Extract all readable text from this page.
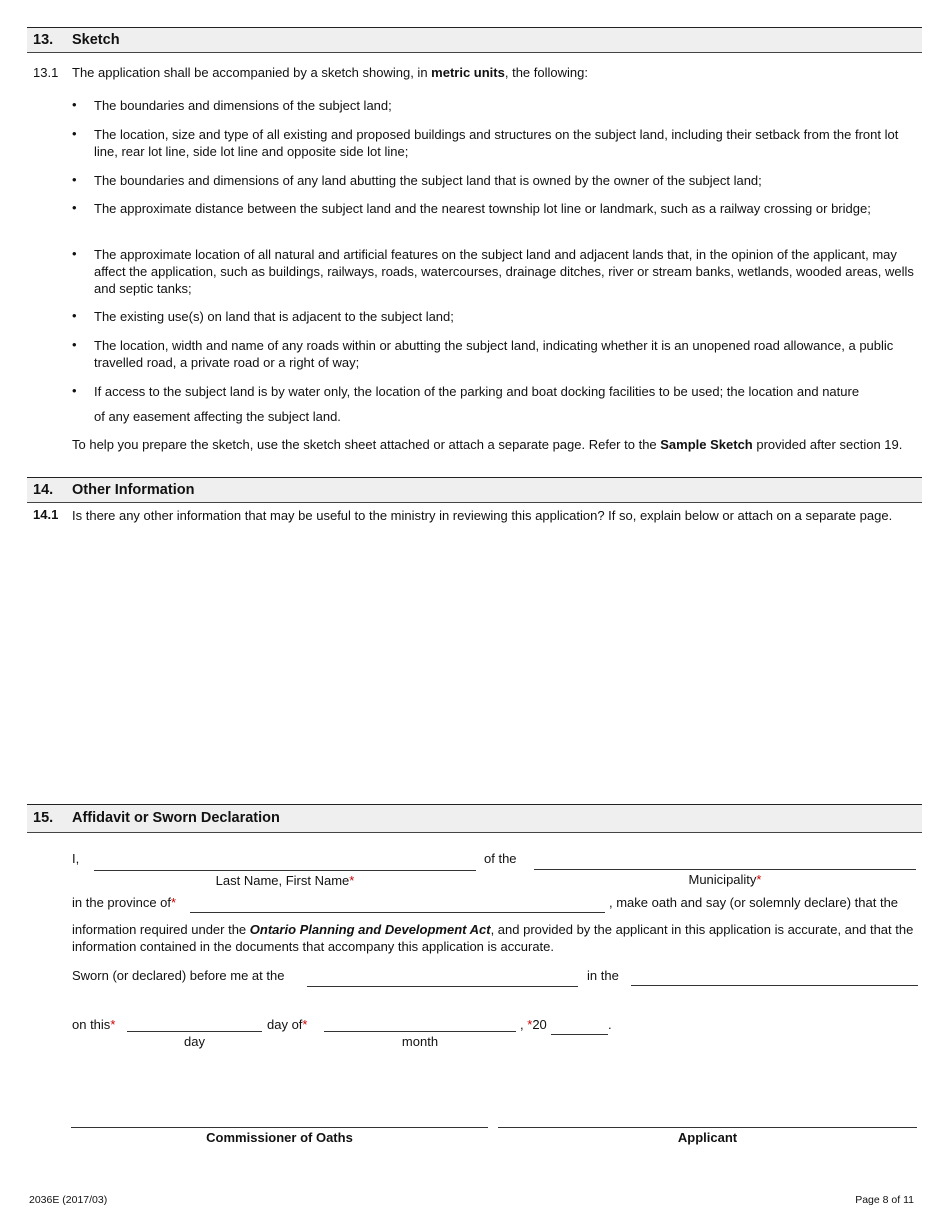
13. Sketch
13.1 The application shall be accompanied by a sketch showing, in metric units, the following:
• The boundaries and dimensions of the subject land;
• The location, size and type of all existing and proposed buildings and structures on the subject land, including their setback from the front lot line, rear lot line, side lot line and opposite side lot line;
• The boundaries and dimensions of any land abutting the subject land that is owned by the owner of the subject land;
• The approximate distance between the subject land and the nearest township lot line or landmark, such as a railway crossing or bridge;
• The approximate location of all natural and artificial features on the subject land and adjacent lands that, in the opinion of the applicant, may affect the application, such as buildings, railways, roads, watercourses, drainage ditches, river or stream banks, wetlands, wooded areas, wells and septic tanks;
• The existing use(s) on land that is adjacent to the subject land;
• The location, width and name of any roads within or abutting the subject land, indicating whether it is an unopened road allowance, a public travelled road, a private road or a right of way;
• If access to the subject land is by water only, the location of the parking and boat docking facilities to be used; the location and nature
of any easement affecting the subject land.
To help you prepare the sketch, use the sketch sheet attached or attach a separate page. Refer to the Sample Sketch provided after section 19.
14. Other Information
14.1 Is there any other information that may be useful to the ministry in reviewing this application? If so, explain below or attach on a separate page.
15. Affidavit or Sworn Declaration
I,	of the
Last Name, First Name*	Municipality*
in the province of*	, make oath and say (or solemnly declare) that the
information required under the Ontario Planning and Development Act, and provided by the applicant in this application is accurate, and that the information contained in the documents that accompany this application is accurate.
Sworn (or declared) before me at the	in the
on this*	day of*	, *20	.
day	month
Commissioner of Oaths	Applicant
2036E (2017/03)	Page 8 of 11
